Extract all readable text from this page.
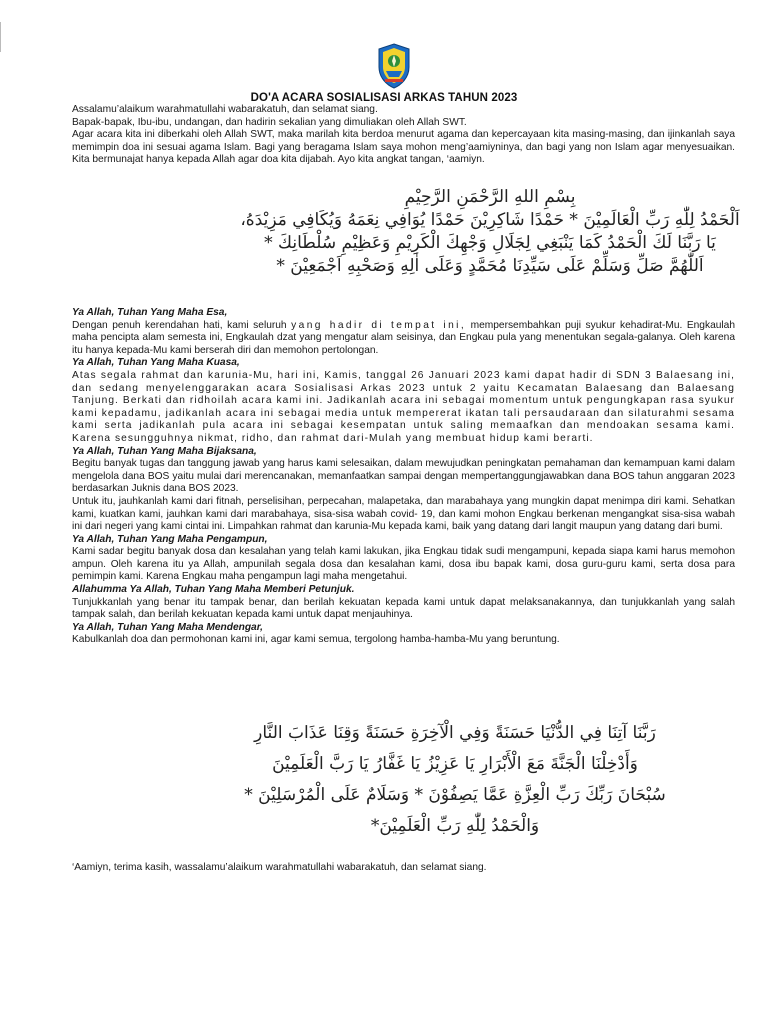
DO'A ACARA SOSIALISASI ARKAS TAHUN 2023

Assalamu’alaikum warahmatullahi wabarakatuh, dan selamat siang.

Bapak-bapak, Ibu-ibu, undangan, dan hadirin sekalian yang dimuliakan oleh Allah SWT.

Agar acara kita ini diberkahi oleh Allah SWT, maka marilah kita berdoa menurut agama dan kepercayaan kita masing-masing, dan ijinkanlah saya memimpin doa ini sesuai agama Islam. Bagi yang beragama Islam saya mohon meng’aamiyninya, dan bagi yang non Islam agar menyesuaikan. Kita bermunajat hanya kepada Allah agar doa kita dijabah. Ayo kita angkat tangan, ‘aamiyn.

بِسْمِ اللهِ الرَّحْمَنِ الرَّحِيْمِ
اَلْحَمْدُ لِلّٰهِ رَبِّ الْعَالَمِيْنَ * حَمْدًا شَاكِرِيْنَ حَمْدًا يُوَافِي نِعَمَهُ وَيُكَافِي مَزِيْدَهُ،
يَا رَبَّنَا لَكَ الْحَمْدُ كَمَا يَنْبَغِي لِجَلَالِ وَجْهِكَ الْكَرِيْمِ وَعَظِيْمِ سُلْطَانِكَ *
اَللّٰهُمَّ صَلِّ وَسَلِّمْ عَلَى سَيِّدِنَا مُحَمَّدٍ وَعَلَى اٰلِهِ وَصَحْبِهِ اَجْمَعِيْنَ *
Ya Allah, Tuhan Yang Maha Esa,

Dengan penuh kerendahan hati, kami seluruh yang hadir di tempat ini, mempersembahkan puji syukur kehadirat-Mu. Engkaulah maha pencipta alam semesta ini, Engkaulah dzat yang mengatur alam seisinya, dan Engkau pula yang menentukan segala-galanya. Oleh karena itu hanya kepada-Mu kami berserah diri dan memohon pertolongan.

Ya Allah, Tuhan Yang Maha Kuasa,

Atas segala rahmat dan karunia-Mu, hari ini, Kamis, tanggal 26 Januari 2023 kami dapat hadir di SDN 3 Balaesang ini, dan sedang menyelenggarakan acara Sosialisasi Arkas 2023 untuk 2 yaitu Kecamatan Balaesang dan Balaesang Tanjung. Berkati dan ridhoilah acara kami ini. Jadikanlah acara ini sebagai momentum untuk pengungkapan rasa syukur kami kepadamu, jadikanlah acara ini sebagai media untuk mempererat ikatan tali persaudaraan dan silaturahmi sesama kami serta jadikanlah pula acara ini sebagai kesempatan untuk saling memaafkan dan mendoakan sesama kami. Karena sesungguhnya nikmat, ridho, dan rahmat dari-Mulah yang membuat hidup kami berarti.

Ya Allah, Tuhan Yang Maha Bijaksana,

Begitu banyak tugas dan tanggung jawab yang harus kami selesaikan, dalam mewujudkan peningkatan pemahaman dan kemampuan kami dalam mengelola dana BOS yaitu mulai dari merencanakan, memanfaatkan sampai dengan mempertanggungjawabkan dana BOS tahun anggaran 2023 berdasarkan Juknis dana BOS 2023.

Untuk itu, jauhkanlah kami dari fitnah, perselisihan, perpecahan, malapetaka, dan marabahaya yang mungkin dapat menimpa diri kami. Sehatkan kami, kuatkan kami, jauhkan kami dari marabahaya, sisa-sisa wabah covid- 19, dan kami mohon Engkau berkenan mengangkat sisa-sisa wabah ini dari negeri yang kami cintai ini. Limpahkan rahmat dan karunia-Mu kepada kami, baik yang datang dari langit maupun yang datang dari bumi.

Ya Allah, Tuhan Yang Maha Pengampun,

Kami sadar begitu banyak dosa dan kesalahan yang telah kami lakukan, jika Engkau tidak sudi mengampuni, kepada siapa kami harus memohon ampun. Oleh karena itu ya Allah, ampunilah segala dosa dan kesalahan kami, dosa ibu bapak kami, dosa guru-guru kami, serta dosa para pemimpin kami. Karena Engkau maha pengampun lagi maha mengetahui.

Allahumma Ya Allah, Tuhan Yang Maha Memberi Petunjuk.

Tunjukkanlah yang benar itu tampak benar, dan berilah kekuatan kepada kami untuk dapat melaksanakannya, dan tunjukkanlah yang salah tampak salah, dan berilah kekuatan kepada kami untuk dapat menjauhinya.

Ya Allah, Tuhan Yang Maha Mendengar,

Kabulkanlah doa dan permohonan kami ini, agar kami semua, tergolong hamba-hamba-Mu yang beruntung.

رَبَّنَا آتِنَا فِي الدُّنْيَا حَسَنَةً وَفِي الْآخِرَةِ حَسَنَةً وَقِنَا عَذَابَ النَّارِ
وَأَدْخِلْنَا الْجَنَّةَ مَعَ الْأَبْرَارِ يَا عَزِيْزُ يَا غَفَّارُ يَا رَبَّ الْعَلَمِيْنَ
سُبْحَانَ رَبِّكَ رَبِّ الْعِزَّةِ عَمَّا يَصِفُوْنَ * وَسَلَامٌ عَلَى الْمُرْسَلِيْنَ *
وَالْحَمْدُ لِلّٰهِ رَبِّ الْعَلَمِيْنَ*
‘Aamiyn, terima kasih, wassalamu’alaikum warahmatullahi wabarakatuh, dan selamat siang.
